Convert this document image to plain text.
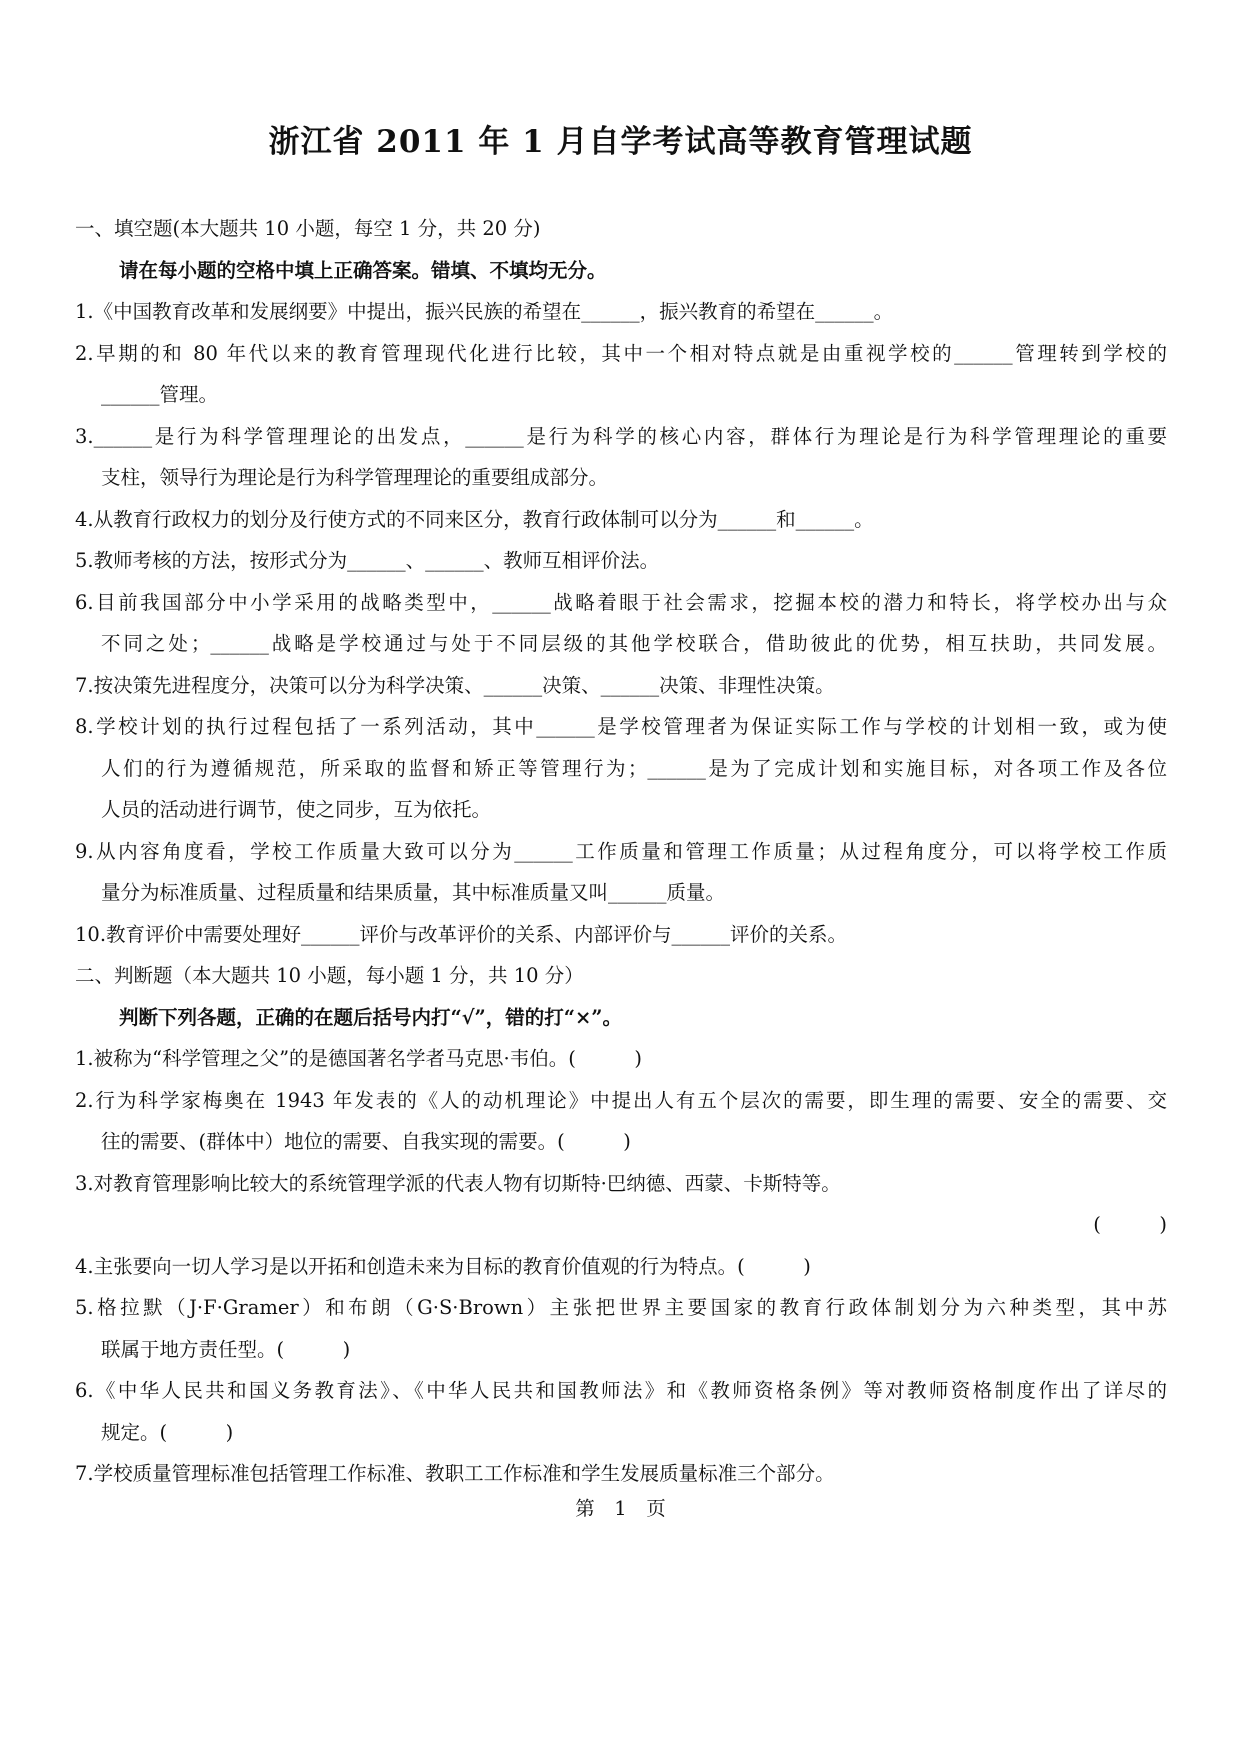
浙江省 2011 年 1 月自学考试高等教育管理试题
一、填空题(本大题共 10 小题，每空 1 分，共 20 分)
请在每小题的空格中填上正确答案。错填、不填均无分。
1.《中国教育改革和发展纲要》中提出，振兴民族的希望在______，振兴教育的希望在______。
2.早期的和 80 年代以来的教育管理现代化进行比较，其中一个相对特点就是由重视学校的______管理转到学校的
______管理。
3.______是行为科学管理理论的出发点，______是行为科学的核心内容，群体行为理论是行为科学管理理论的重要
支柱，领导行为理论是行为科学管理理论的重要组成部分。
4.从教育行政权力的划分及行使方式的不同来区分，教育行政体制可以分为______和______。
5.教师考核的方法，按形式分为______、______、教师互相评价法。
6.目前我国部分中小学采用的战略类型中，______战略着眼于社会需求，挖掘本校的潜力和特长，将学校办出与众
不同之处；______战略是学校通过与处于不同层级的其他学校联合，借助彼此的优势，相互扶助，共同发展。
7.按决策先进程度分，决策可以分为科学决策、______决策、______决策、非理性决策。
8.学校计划的执行过程包括了一系列活动，其中______是学校管理者为保证实际工作与学校的计划相一致，或为使
人们的行为遵循规范，所采取的监督和矫正等管理行为；______是为了完成计划和实施目标，对各项工作及各位
人员的活动进行调节，使之同步，互为依托。
9.从内容角度看，学校工作质量大致可以分为______工作质量和管理工作质量；从过程角度分，可以将学校工作质
量分为标准质量、过程质量和结果质量，其中标准质量又叫______质量。
10.教育评价中需要处理好______评价与改革评价的关系、内部评价与______评价的关系。
二、判断题（本大题共 10 小题，每小题 1 分，共 10 分）
判断下列各题，正确的在题后括号内打“√”，错的打“×”。
1.被称为“科学管理之父”的是德国著名学者马克思·韦伯。(　　　)
2.行为科学家梅奥在 1943 年发表的《人的动机理论》中提出人有五个层次的需要，即生理的需要、安全的需要、交
往的需要、(群体中）地位的需要、自我实现的需要。(　　　)
3.对教育管理影响比较大的系统管理学派的代表人物有切斯特·巴纳德、西蒙、卡斯特等。
(　　　)
4.主张要向一切人学习是以开拓和创造未来为目标的教育价值观的行为特点。(　　　)
5.格拉默（J·F·Gramer）和布朗（G·S·Brown）主张把世界主要国家的教育行政体制划分为六种类型，其中苏
联属于地方责任型。(　　　)
6.《中华人民共和国义务教育法》、《中华人民共和国教师法》和《教师资格条例》等对教师资格制度作出了详尽的
规定。(　　　)
7.学校质量管理标准包括管理工作标准、教职工工作标准和学生发展质量标准三个部分。
第　1　页
